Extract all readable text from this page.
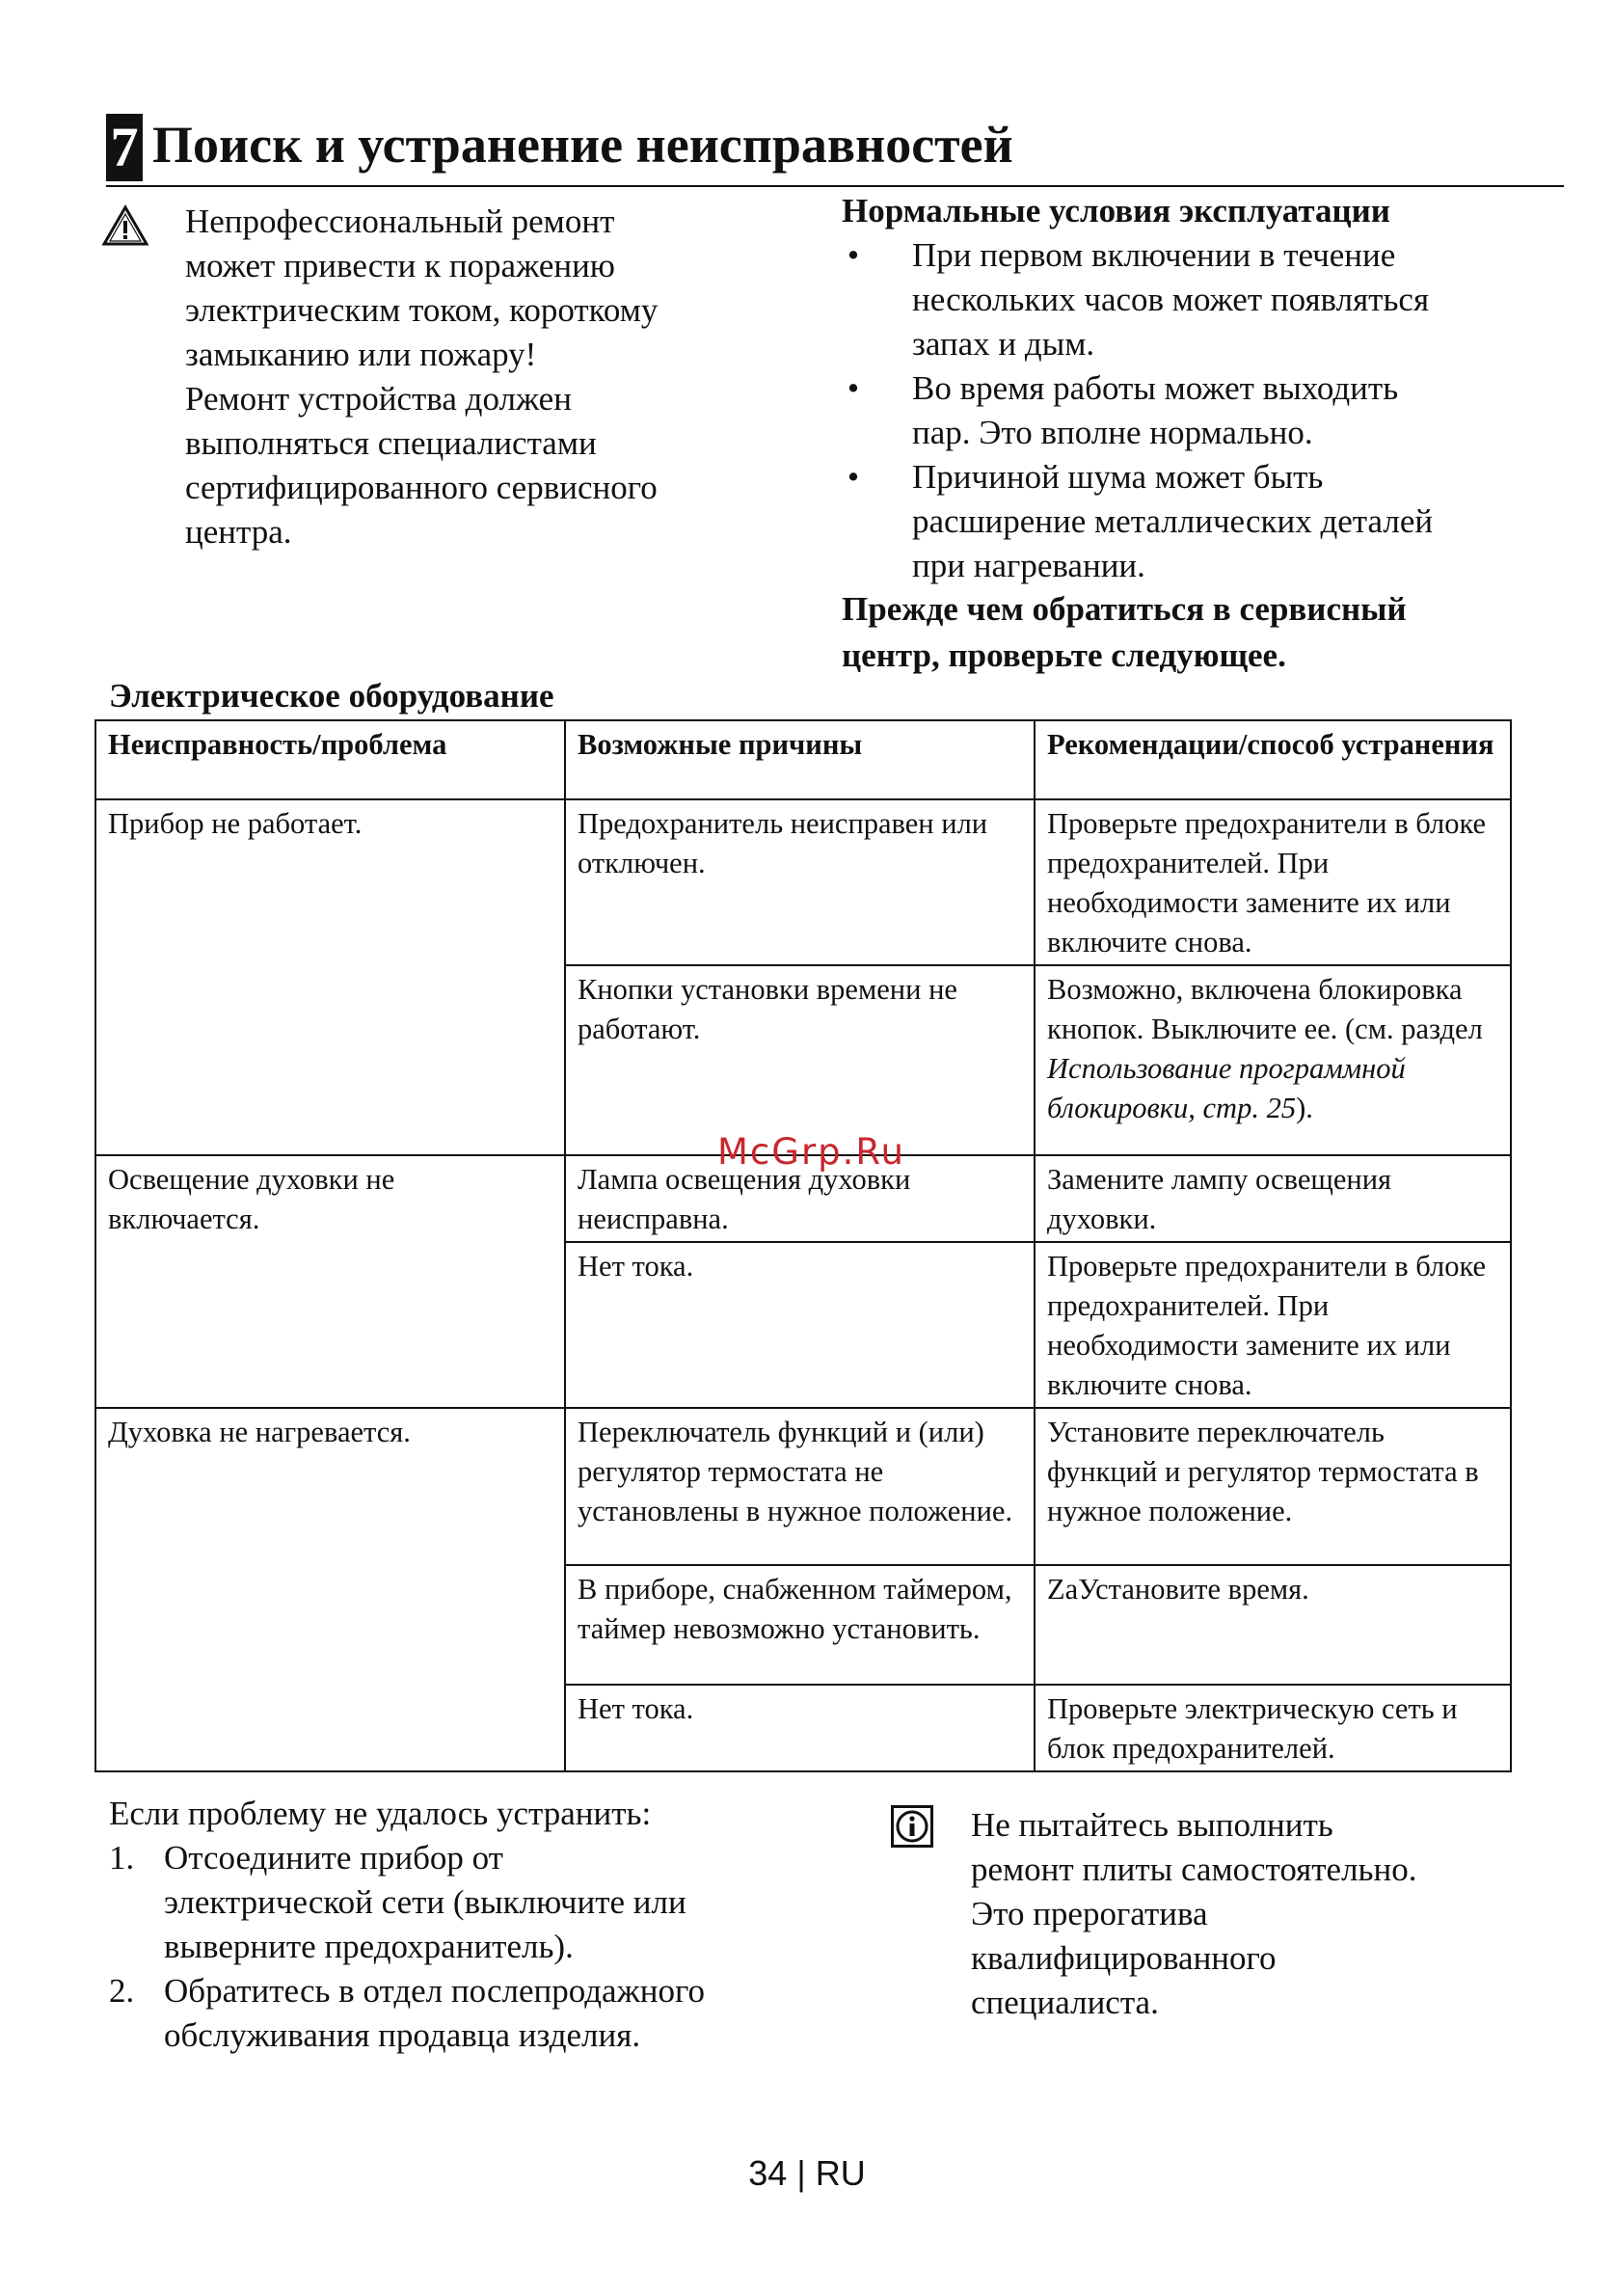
7 Поиск и устранение неисправностей
Непрофессиональный ремонт
может привести к поражению
электрическим током, короткому
замыканию или пожару!
Ремонт устройства должен
выполняться специалистами
сертифицированного сервисного
центра.
Нормальные условия эксплуатации
• При первом включении в течение
нескольких часов может появляться
запах и дым.
• Во время работы может выходить
пар. Это вполне нормально.
• Причиной шума может быть
расширение металлических деталей
при нагревании.
Прежде чем обратиться в сервисный
центр, проверьте следующее.
Электрическое оборудование
Неисправность/проблема	Возможные причины	Рекомендации/способ устранения
Прибор не работает.	Предохранитель неисправен или отключен.	Проверьте предохранители в блоке предохранителей. При необходимости замените их или включите снова.
	Кнопки установки времени не работают.	Возможно, включена блокировка кнопок. Выключите ее. (см. раздел Использование программной блокировки, стр. 25).
Освещение духовки не включается.	Лампа освещения духовки неисправна.	Замените лампу освещения духовки.
	Нет тока.	Проверьте предохранители в блоке предохранителей. При необходимости замените их или включите снова.
Духовка не нагревается.	Переключатель функций и (или) регулятор термостата не установлены в нужное положение.	Установите переключатель функций и регулятор термостата в нужное положение.
	В приборе, снабженном таймером, таймер невозможно установить.	ZaУстановите время.
	Нет тока.	Проверьте электрическую сеть и блок предохранителей.
McGrp.Ru
Если проблему не удалось устранить:
1. Отсоедините прибор от
электрической сети (выключите или
выверните предохранитель).
2. Обратитесь в отдел послепродажного
обслуживания продавца изделия.
Не пытайтесь выполнить
ремонт плиты самостоятельно.
Это прерогатива
квалифицированного
специалиста.
34 | RU
